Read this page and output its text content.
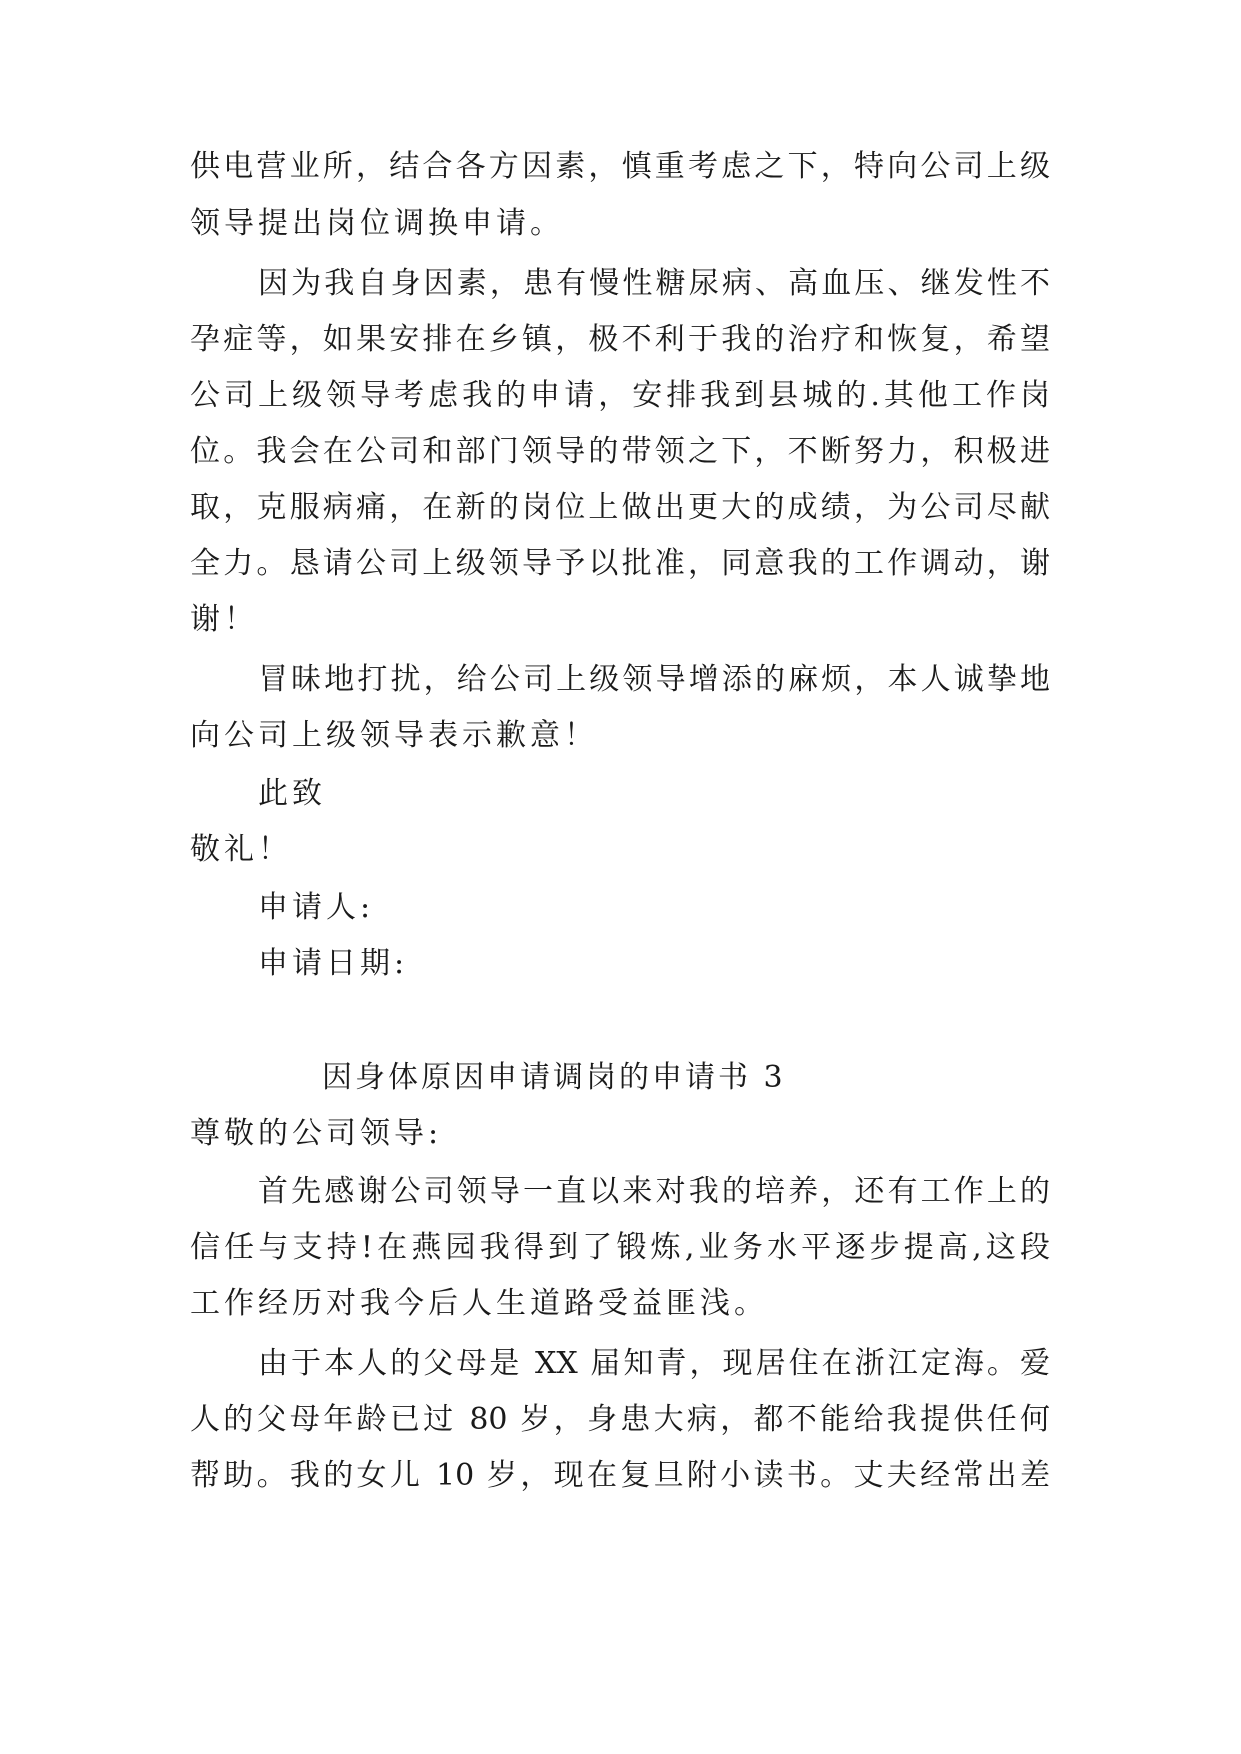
供电营业所，结合各方因素，慎重考虑之下，特向公司上级
领导提出岗位调换申请。
因为我自身因素，患有慢性糖尿病、高血压、继发性不
孕症等，如果安排在乡镇，极不利于我的治疗和恢复，希望
公司上级领导考虑我的申请，安排我到县城的.其他工作岗
位。我会在公司和部门领导的带领之下，不断努力，积极进
取，克服病痛，在新的岗位上做出更大的成绩，为公司尽献
全力。恳请公司上级领导予以批准，同意我的工作调动，谢
谢！
冒昧地打扰，给公司上级领导增添的麻烦，本人诚挚地
向公司上级领导表示歉意！
此致
敬礼！
申请人:
申请日期:
因身体原因申请调岗的申请书 3
尊敬的公司领导:
首先感谢公司领导一直以来对我的培养，还有工作上的
信任与支持!在燕园我得到了锻炼,业务水平逐步提高,这段
工作经历对我今后人生道路受益匪浅。
由于本人的父母是 XX 届知青，现居住在浙江定海。爱
人的父母年龄已过 80 岁，身患大病，都不能给我提供任何
帮助。我的女儿 10 岁，现在复旦附小读书。丈夫经常出差
